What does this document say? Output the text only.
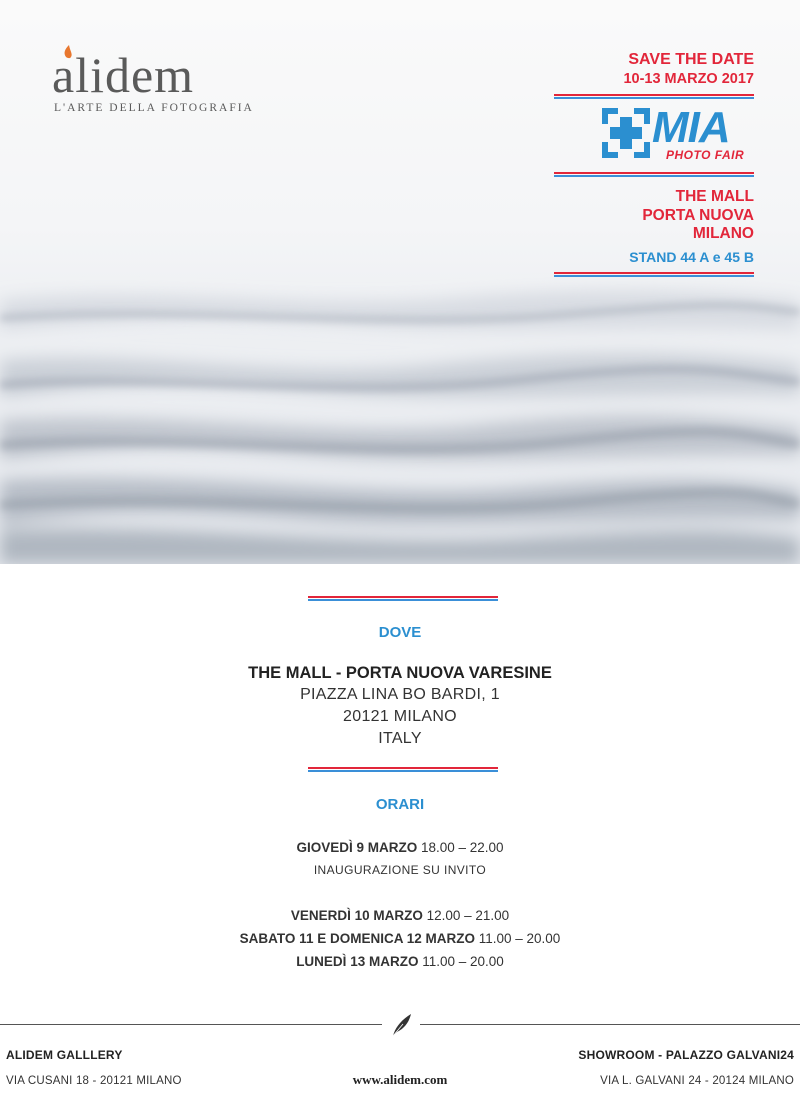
alidem
L'ARTE DELLA FOTOGRAFIA
SAVE THE DATE
10-13 MARZO 2017
MIA
PHOTO FAIR
THE MALL
PORTA NUOVA
MILANO
STAND 44 A e 45 B
DOVE
THE MALL - PORTA NUOVA VARESINE
PIAZZA LINA BO BARDI, 1
20121 MILANO
ITALY
ORARI
GIOVEDÌ 9 MARZO 18.00 – 22.00
INAUGURAZIONE SU INVITO
VENERDÌ 10 MARZO 12.00 – 21.00
SABATO 11 E DOMENICA 12 MARZO 11.00 – 20.00
LUNEDÌ 13 MARZO 11.00 – 20.00
ALIDEM GALLLERY
VIA CUSANI 18 - 20121 MILANO	www.alidem.com
SHOWROOM - PALAZZO GALVANI24
VIA L. GALVANI 24 - 20124 MILANO
